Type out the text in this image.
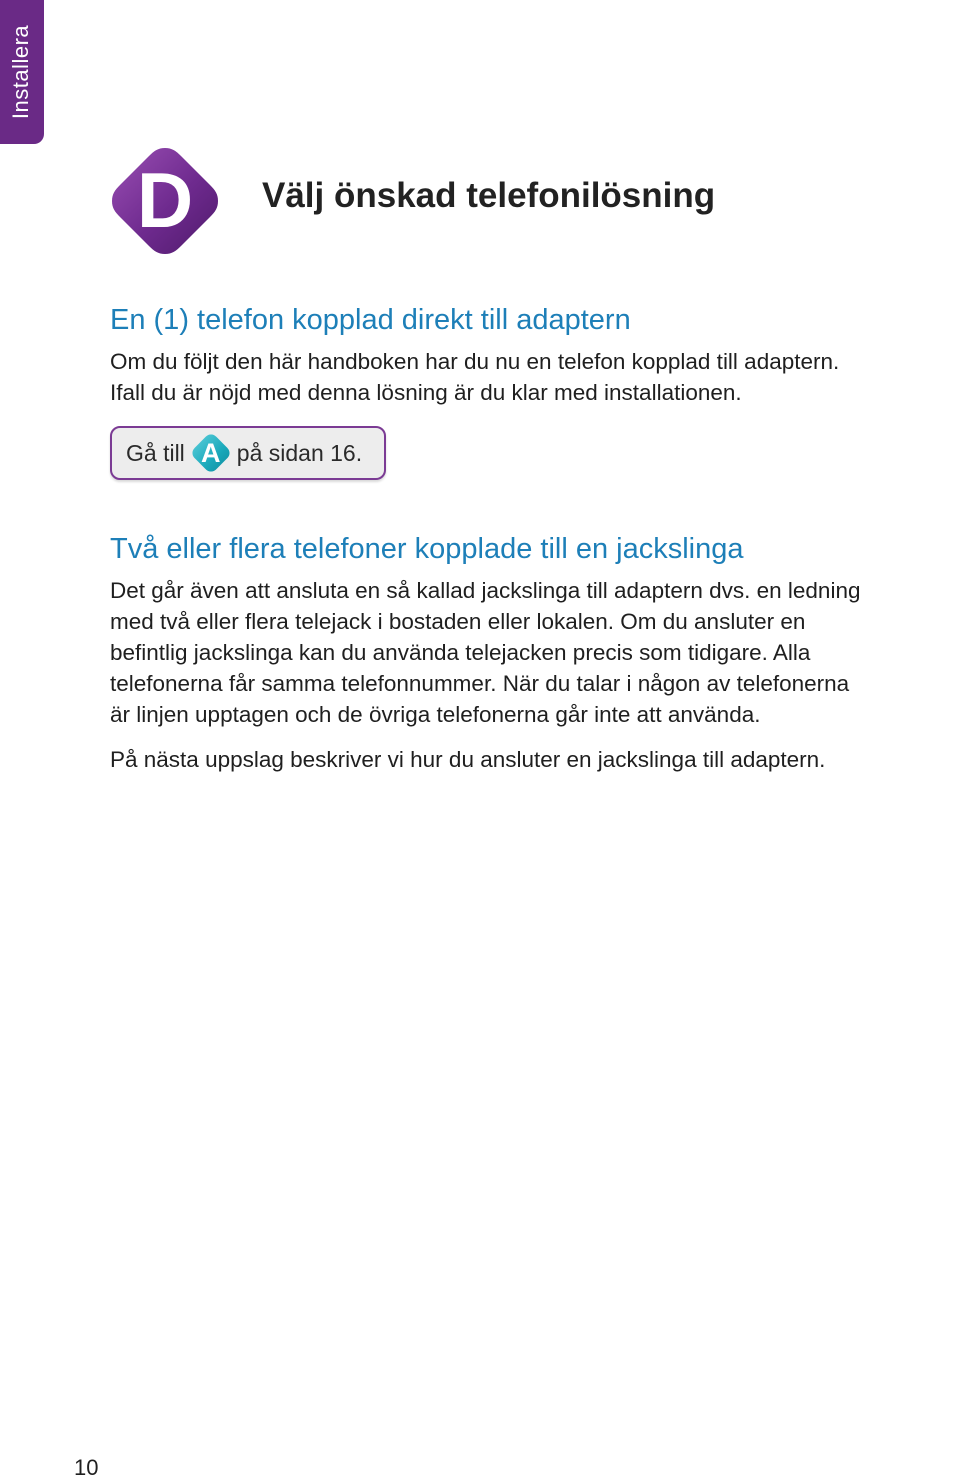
Installera
D	Välj önskad telefonilösning
En (1) telefon kopplad direkt till adaptern

Om du följt den här handboken har du nu en telefon kopplad till adaptern.
Ifall du är nöjd med denna lösning är du klar med installationen.

Gå till A på sidan 16.
Två eller flera telefoner kopplade till en jackslinga

Det går även att ansluta en så kallad jackslinga till adaptern dvs. en ledning
med två eller flera telejack i bostaden eller lokalen. Om du ansluter en
befintlig jackslinga kan du använda telejacken precis som tidigare. Alla
telefonerna får samma telefonnummer. När du talar i någon av telefonerna
är linjen upptagen och de övriga telefonerna går inte att använda.

På nästa uppslag beskriver vi hur du ansluter en jackslinga till adaptern.

10
